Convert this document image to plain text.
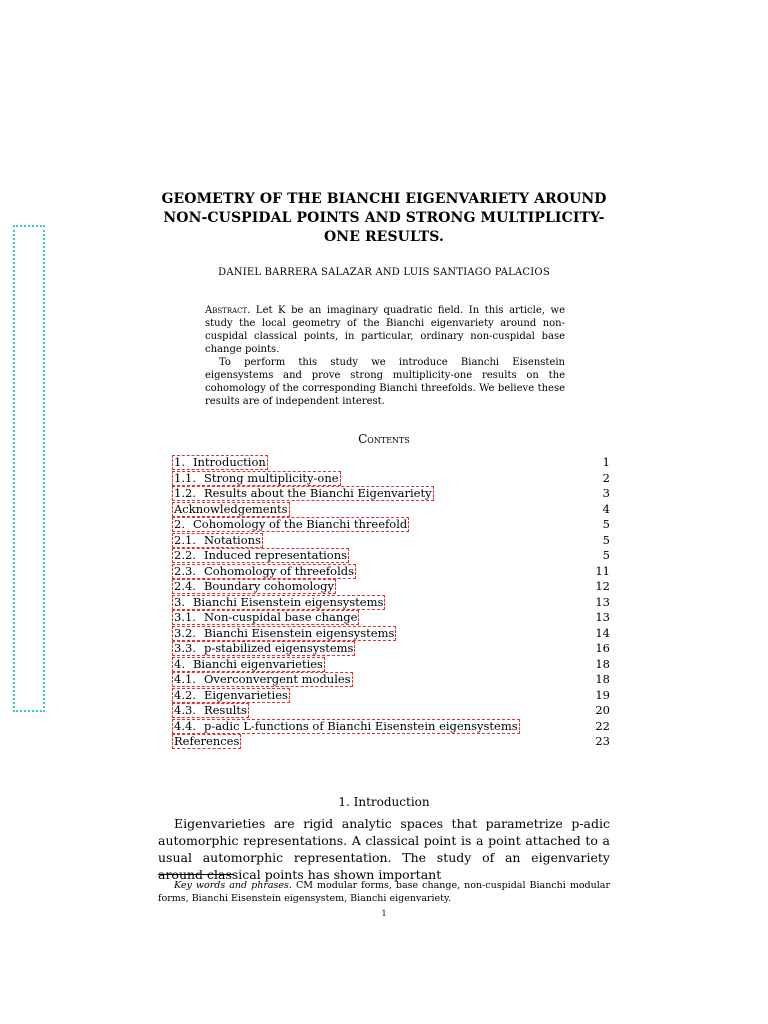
GEOMETRY OF THE BIANCHI EIGENVARIETY AROUND NON-CUSPIDAL POINTS AND STRONG MULTIPLICITY-ONE RESULTS.
DANIEL BARRERA SALAZAR AND LUIS SANTIAGO PALACIOS

Abstract. Let K be an imaginary quadratic field. In this article, we study the local geometry of the Bianchi eigenvariety around non-cuspidal classical points, in particular, ordinary non-cuspidal base change points.

To perform this study we introduce Bianchi Eisenstein eigensystems and prove strong multiplicity-one results on the cohomology of the corresponding Bianchi threefolds. We believe these results are of independent interest.

Contents
1. Introduction	1
1.1. Strong multiplicity-one	2
1.2. Results about the Bianchi Eigenvariety	3
Acknowledgements	4
2. Cohomology of the Bianchi threefold	5
2.1. Notations	5
2.2. Induced representations	5
2.3. Cohomology of threefolds	11
2.4. Boundary cohomology	12
3. Bianchi Eisenstein eigensystems	13
3.1. Non-cuspidal base change	13
3.2. Bianchi Eisenstein eigensystems	14
3.3. p-stabilized eigensystems	16
4. Bianchi eigenvarieties	18
4.1. Overconvergent modules	18
4.2. Eigenvarieties	19
4.3. Results	20
4.4. p-adic L-functions of Bianchi Eisenstein eigensystems	22
References	23
1. Introduction

Eigenvarieties are rigid analytic spaces that parametrize p-adic automorphic representations. A classical point is a point attached to a usual automorphic representation. The study of an eigenvariety around classical points has shown important

Key words and phrases. CM modular forms, base change, non-cuspidal Bianchi modular forms, Bianchi Eisenstein eigensystem, Bianchi eigenvariety.

1
